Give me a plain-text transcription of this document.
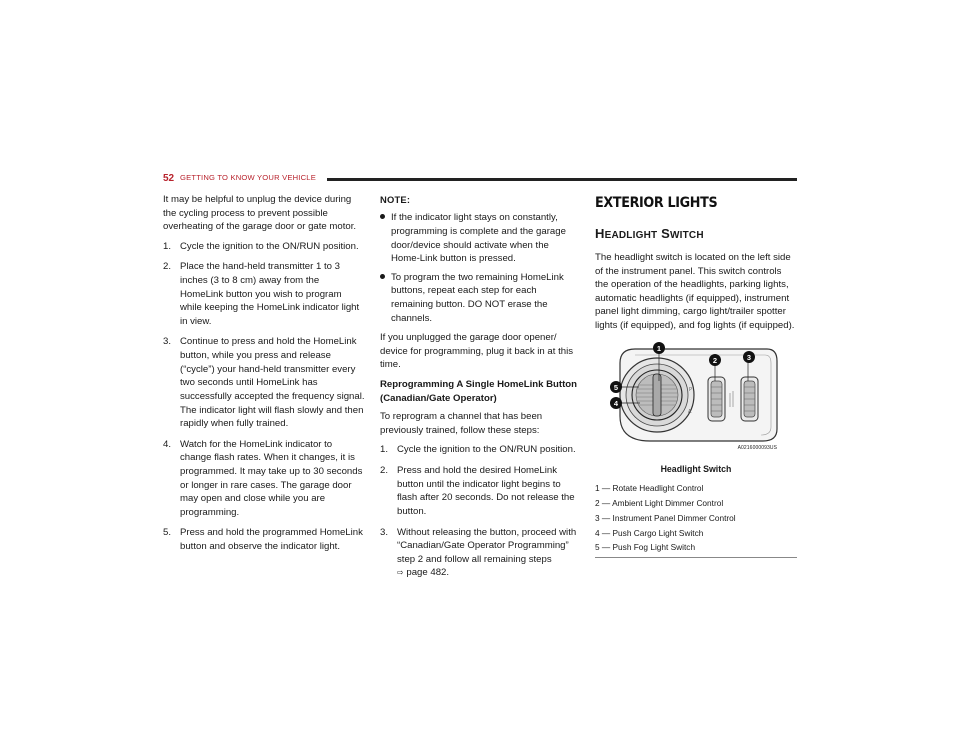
52 GETTING TO KNOW YOUR VEHICLE

It may be helpful to unplug the device during the cycling process to prevent possible overheating of the garage door or gate motor.

1. Cycle the ignition to the ON/RUN position.
2. Place the hand-held transmitter 1 to 3 inches (3 to 8 cm) away from the HomeLink button you wish to program while keeping the HomeLink indicator light in view.
3. Continue to press and hold the HomeLink button, while you press and release (“cycle”) your hand-held transmitter every two seconds until HomeLink has successfully accepted the frequency signal. The indicator light will flash slowly and then rapidly when fully trained.
4. Watch for the HomeLink indicator to change flash rates. When it changes, it is programmed. It may take up to 30 seconds or longer in rare cases. The garage door may open and close while you are programming.
5. Press and hold the programmed HomeLink button and observe the indicator light.
NOTE:
If the indicator light stays on constantly, programming is complete and the garage door/device should activate when the Home-Link button is pressed.
To program the two remaining HomeLink buttons, repeat each step for each remaining button. DO NOT erase the channels.

If you unplugged the garage door opener/ device for programming, plug it back in at this time.

Reprogramming A Single HomeLink Button (Canadian/Gate Operator)

To reprogram a channel that has been previously trained, follow these steps:

1. Cycle the ignition to the ON/RUN position.
2. Press and hold the desired HomeLink button until the indicator light begins to flash after 20 seconds. Do not release the button.
3. Without releasing the button, proceed with “Canadian/Gate Operator Programming” step 2 and follow all remaining steps
⇨ page 482.
EXTERIOR LIGHTS
HEADLIGHT SWITCH

The headlight switch is located on the left side of the instrument panel. This switch controls the operation of the headlights, parking lights, automatic headlights (if equipped), instrument panel light dimming, cargo light/trailer spotter lights (if equipped), and fog lights (if equipped).

·
P
A
1
2	3
5
4
A0216000093US
Headlight Switch
1 — Rotate Headlight Control
2 — Ambient Light Dimmer Control
3 — Instrument Panel Dimmer Control
4 — Push Cargo Light Switch
5 — Push Fog Light Switch
